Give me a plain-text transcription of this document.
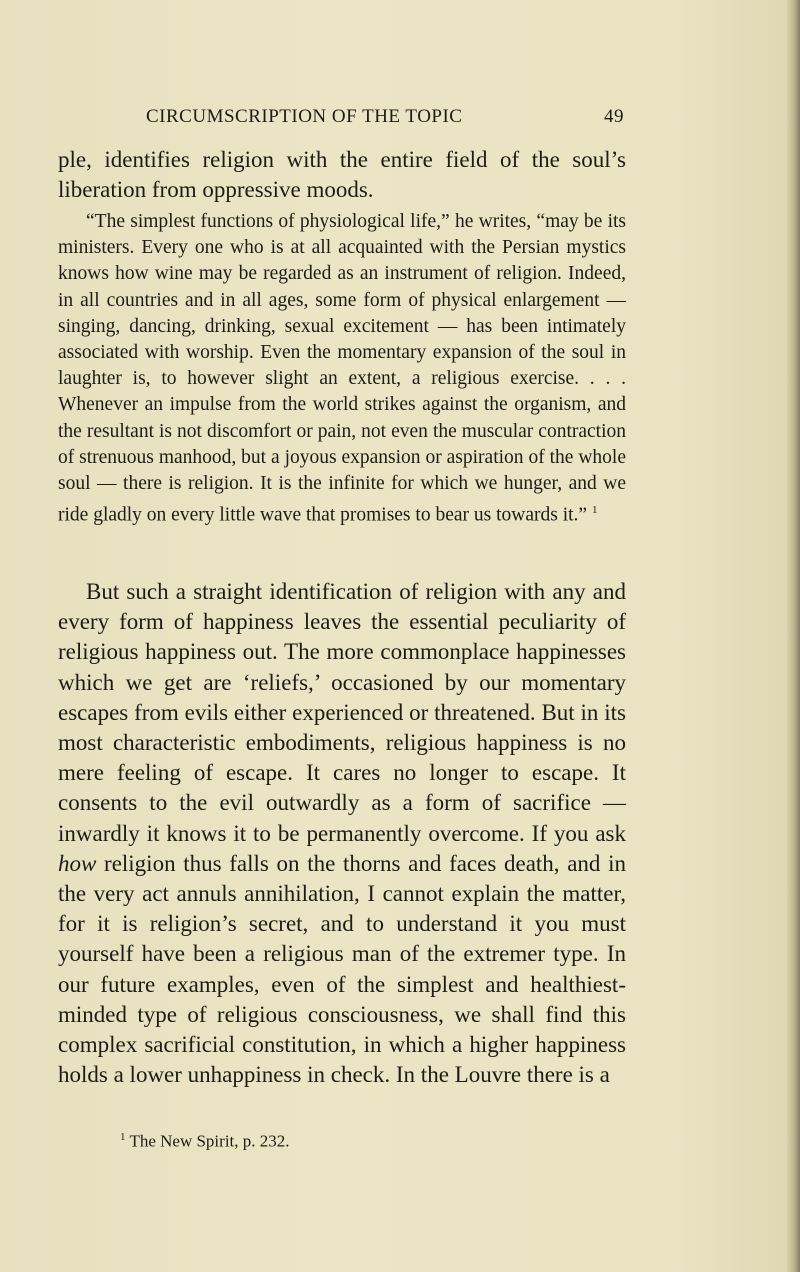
CIRCUMSCRIPTION OF THE TOPIC	49

ple, identifies religion with the entire field of the soul’s liberation from oppressive moods.

“The simplest functions of physiological life,” he writes, “may be its ministers. Every one who is at all acquainted with the Persian mystics knows how wine may be regarded as an instrument of religion. Indeed, in all countries and in all ages, some form of physical enlargement — singing, dancing, drinking, sexual excitement — has been intimately associated with worship. Even the momentary expansion of the soul in laughter is, to however slight an extent, a religious exercise. . . . Whenever an impulse from the world strikes against the organism, and the resultant is not discomfort or pain, not even the muscular contraction of strenuous manhood, but a joyous expansion or aspiration of the whole soul — there is religion. It is the infinite for which we hunger, and we ride gladly on every little wave that promises to bear us towards it.” $^1$

But such a straight identification of religion with any and every form of happiness leaves the essential peculiarity of religious happiness out. The more commonplace happinesses which we get are ‘reliefs,’ occasioned by our momentary escapes from evils either experienced or threatened. But in its most characteristic embodiments, religious happiness is no mere feeling of escape. It cares no longer to escape. It consents to the evil outwardly as a form of sacrifice — inwardly it knows it to be permanently overcome. If you ask how religion thus falls on the thorns and faces death, and in the very act annuls annihilation, I cannot explain the matter, for it is religion’s secret, and to understand it you must yourself have been a religious man of the extremer type. In our future examples, even of the simplest and healthiest-minded type of religious consciousness, we shall find this complex sacrificial constitution, in which a higher happiness holds a lower unhappiness in check. In the Louvre there is a

$^1$ The New Spirit, p. 232.
